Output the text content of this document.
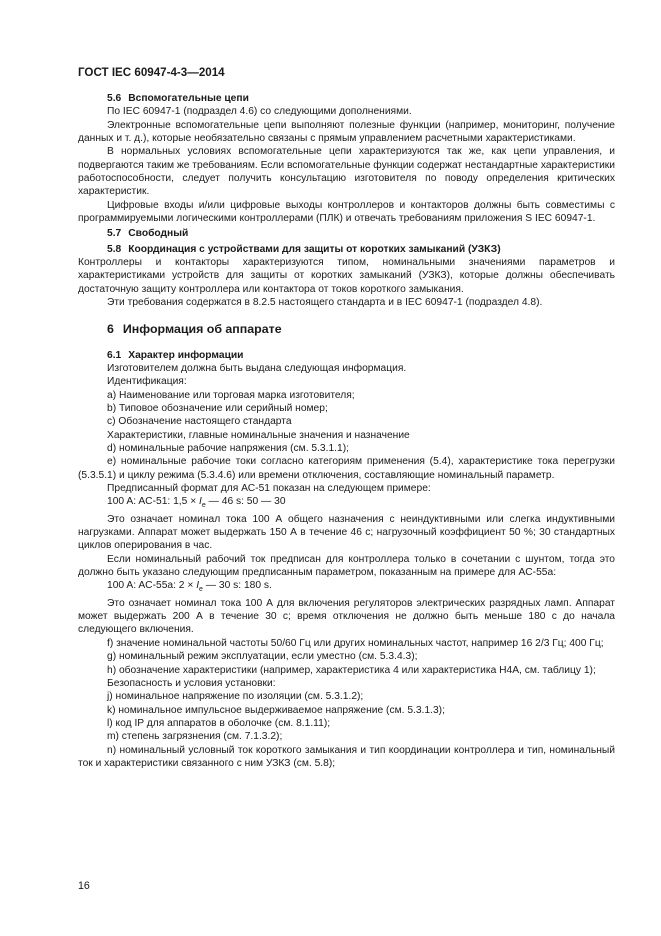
ГОСТ IEC 60947-4-3—2014
5.6 Вспомогательные цепи
По IEC 60947-1 (подраздел 4.6) со следующими дополнениями.
Электронные вспомогательные цепи выполняют полезные функции (например, мониторинг, получение данных и т. д.), которые необязательно связаны с прямым управлением расчетными характеристиками.
В нормальных условиях вспомогательные цепи характеризуются так же, как цепи управления, и подвергаются таким же требованиям. Если вспомогательные функции содержат нестандартные характеристики работоспособности, следует получить консультацию изготовителя по поводу определения критических характеристик.
Цифровые входы и/или цифровые выходы контроллеров и контакторов должны быть совместимы с программируемыми логическими контроллерами (ПЛК) и отвечать требованиям приложения S IEC 60947-1.
5.7 Свободный
5.8 Координация с устройствами для защиты от коротких замыканий (УЗКЗ)
Контроллеры и контакторы характеризуются типом, номинальными значениями параметров и характеристиками устройств для защиты от коротких замыканий (УЗКЗ), которые должны обеспечивать достаточную защиту контроллера или контактора от токов короткого замыкания.
Эти требования содержатся в 8.2.5 настоящего стандарта и в IEC 60947-1 (подраздел 4.8).
6 Информация об аппарате
6.1 Характер информации
Изготовителем должна быть выдана следующая информация.
Идентификация:
a) Наименование или торговая марка изготовителя;
b) Типовое обозначение или серийный номер;
c) Обозначение настоящего стандарта
Характеристики, главные номинальные значения и назначение
d) номинальные рабочие напряжения (см. 5.3.1.1);
e) номинальные рабочие токи согласно категориям применения (5.4), характеристике тока перегрузки (5.3.5.1) и циклу режима (5.3.4.6) или времени отключения, составляющие номинальный параметр.
Предписанный формат для АС-51 показан на следующем примере:
100 A: AC-51: $1,5 \times I_e$ — 46 s: 50 — 30
Это означает номинал тока 100 А общего назначения с неиндуктивными или слегка индуктивными нагрузками. Аппарат может выдержать 150 А в течение 46 с; нагрузочный коэффициент 50 %; 30 стандартных циклов оперирования в час.
Если номинальный рабочий ток предписан для контроллера только в сочетании с шунтом, тогда это должно быть указано следующим предписанным параметром, показанным на примере для AC-55a:
100 A: AC-55a: $2 \times I_e$ — 30 s: 180 s.
Это означает номинал тока 100 А для включения регуляторов электрических разрядных ламп. Аппарат может выдержать 200 А в течение 30 с; время отключения не должно быть меньше 180 с до начала следующего включения.
f) значение номинальной частоты 50/60 Гц или других номинальных частот, например 16 2/3 Гц; 400 Гц;
g) номинальный режим эксплуатации, если уместно (см. 5.3.4.3);
h) обозначение характеристики (например, характеристика 4 или характеристика Н4А, см. таблицу 1);
Безопасность и условия установки:
j) номинальное напряжение по изоляции (см. 5.3.1.2);
k) номинальное импульсное выдерживаемое напряжение (см. 5.3.1.3);
l) код IP для аппаратов в оболочке (см. 8.1.11);
m) степень загрязнения (см. 7.1.3.2);
n) номинальный условный ток короткого замыкания и тип координации контроллера и тип, номинальный ток и характеристики связанного с ним УЗКЗ (см. 5.8);
16
